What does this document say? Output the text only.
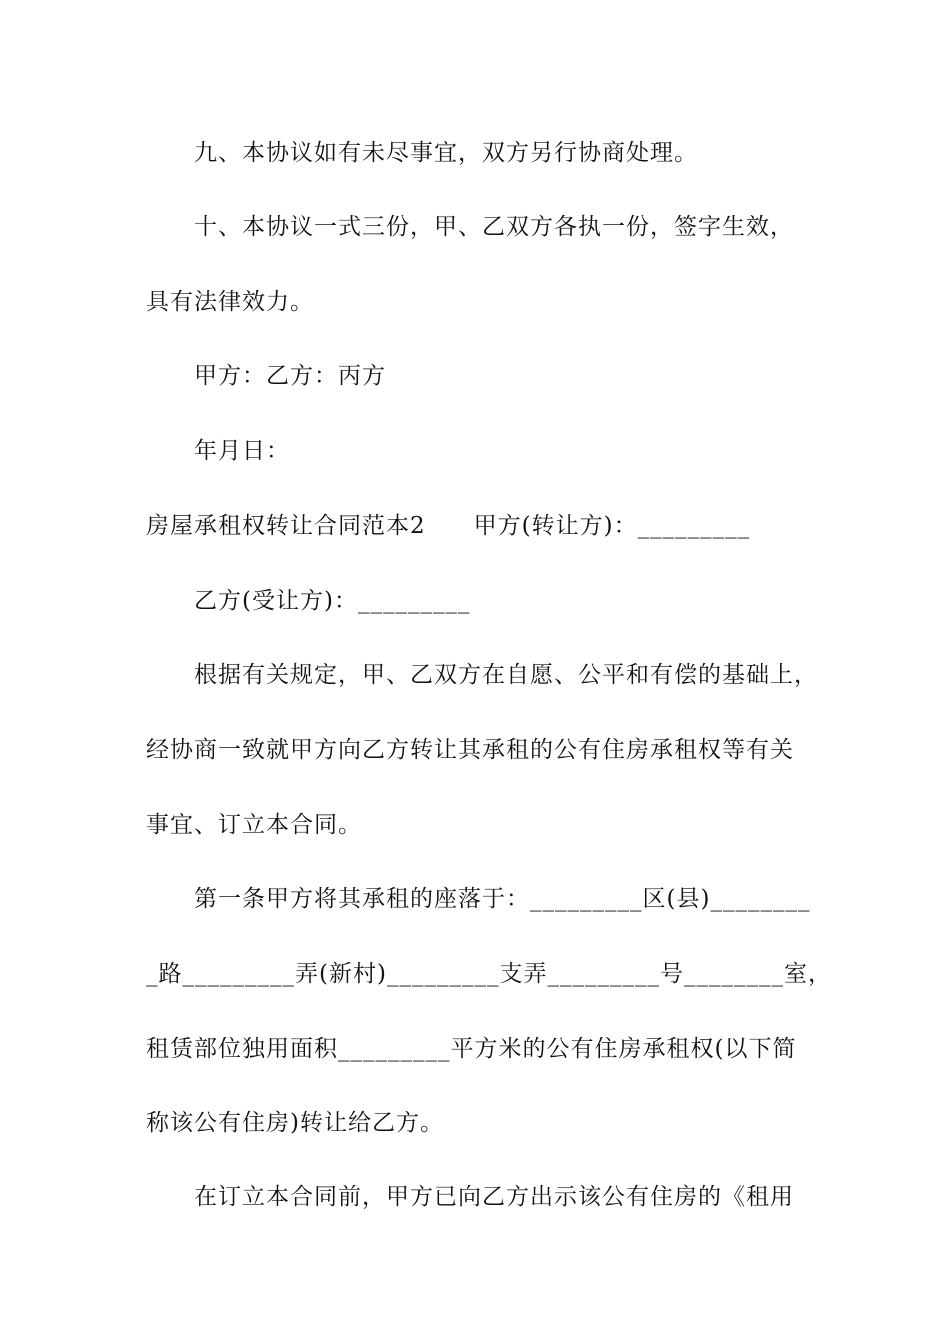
九、本协议如有未尽事宜，双方另行协商处理。
十、本协议一式三份，甲、乙双方各执一份，签字生效，
具有法律效力。
甲方：乙方：丙方
年月日：
房屋承租权转让合同范本2　　甲方(转让方)：_________
乙方(受让方)：_________
根据有关规定，甲、乙双方在自愿、公平和有偿的基础上，
经协商一致就甲方向乙方转让其承租的公有住房承租权等有关
事宜、订立本合同。
第一条甲方将其承租的座落于：_________区(县)________
_路_________弄(新村)_________支弄_________号________室，
租赁部位独用面积_________平方米的公有住房承租权(以下简
称该公有住房)转让给乙方。
在订立本合同前，甲方已向乙方出示该公有住房的《租用
